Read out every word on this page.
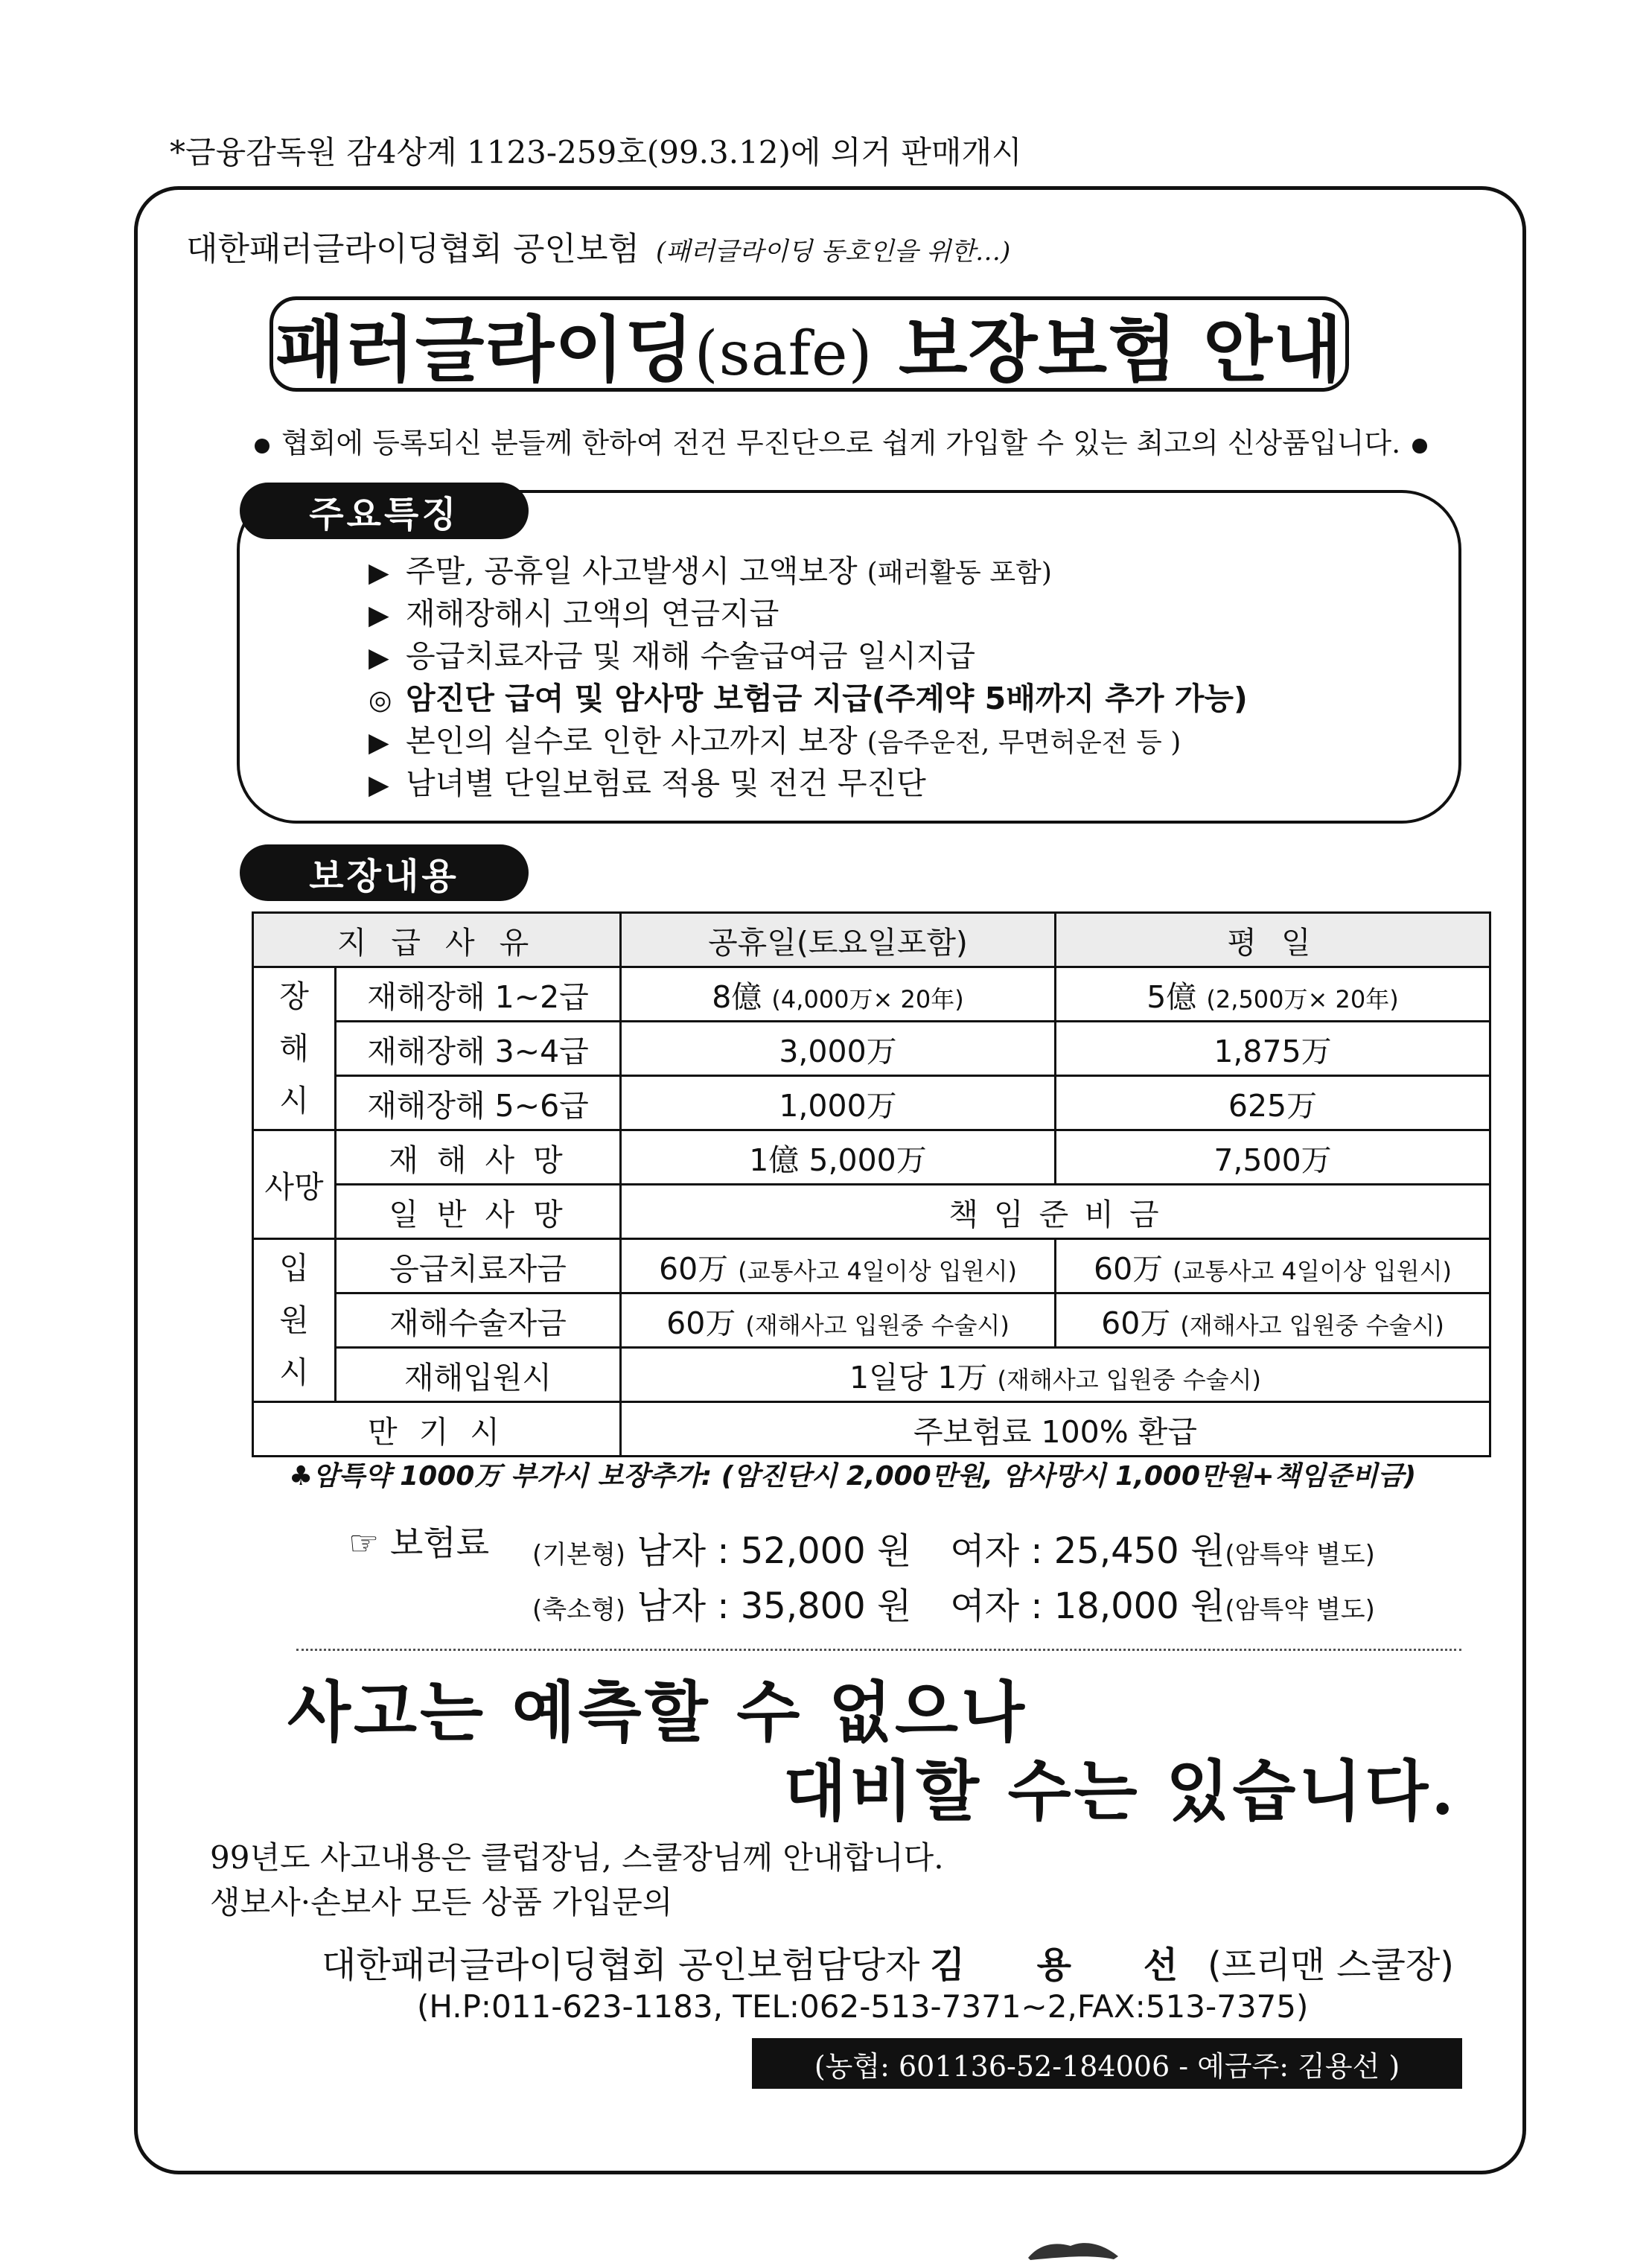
*금융감독원 감4상계 1123-259호(99.3.12)에 의거 판매개시
대한패러글라이딩협회 공인보험 (패러글라이딩 동호인을 위한…)
패러글라이딩(safe) 보장보험 안내
협회에 등록되신 분들께 한하여 전건 무진단으로 쉽게 가입할 수 있는 최고의 신상품입니다.
주요특징
▶ 주말, 공휴일 사고발생시 고액보장 (패러활동 포함)
▶ 재해장해시 고액의 연금지급
▶ 응급치료자금 및 재해 수술급여금 일시지급
◎ 암진단 급여 및 암사망 보험금 지급(주계약 5배까지 추가 가능)
▶ 본인의 실수로 인한 사고까지 보장 (음주운전, 무면허운전 등 )
▶ 남녀별 단일보험료 적용 및 전건 무진단
보장내용
지 급 사 유		공휴일(토요일포함)	평 일
장
해
시	재해장해 1~2급	8億 (4,000万× 20年)	5億 (2,500万× 20年)
	재해장해 3~4급	3,000万	1,875万
	재해장해 5~6급	1,000万	625万
사망	재 해 사 망	1億 5,000万	7,500万
	일 반 사 망	책 임 준 비 금	
입
원
시	응급치료자금	60万 (교통사고 4일이상 입원시)	60万 (교통사고 4일이상 입원시)
	재해수술자금	60万 (재해사고 입원중 수술시)	60万 (재해사고 입원중 수술시)
	재해입원시	1일당 1万 (재해사고 입원중 수술시)	
만 기 시		주보험료 100% 환급	
♣암특약 1000万 부가시 보장추가: (암진단시 2,000만원, 암사망시 1,000만원+책임준비금)
☞ 보험료 (기본형) 남자 : 52,000 원 여자 : 25,450 원(암특약 별도)
(축소형) 남자 : 35,800 원 여자 : 18,000 원(암특약 별도)
사고는 예측할 수 없으나
대비할 수는 있습니다.
99년도 사고내용은 클럽장님, 스쿨장님께 안내합니다.
생보사·손보사 모든 상품 가입문의
대한패러글라이딩협회 공인보험담당자 김 용 선(프리맨 스쿨장)
(H.P:011-623-1183, TEL:062-513-7371~2,FAX:513-7375)
(농협: 601136-52-184006 - 예금주: 김용선 )
